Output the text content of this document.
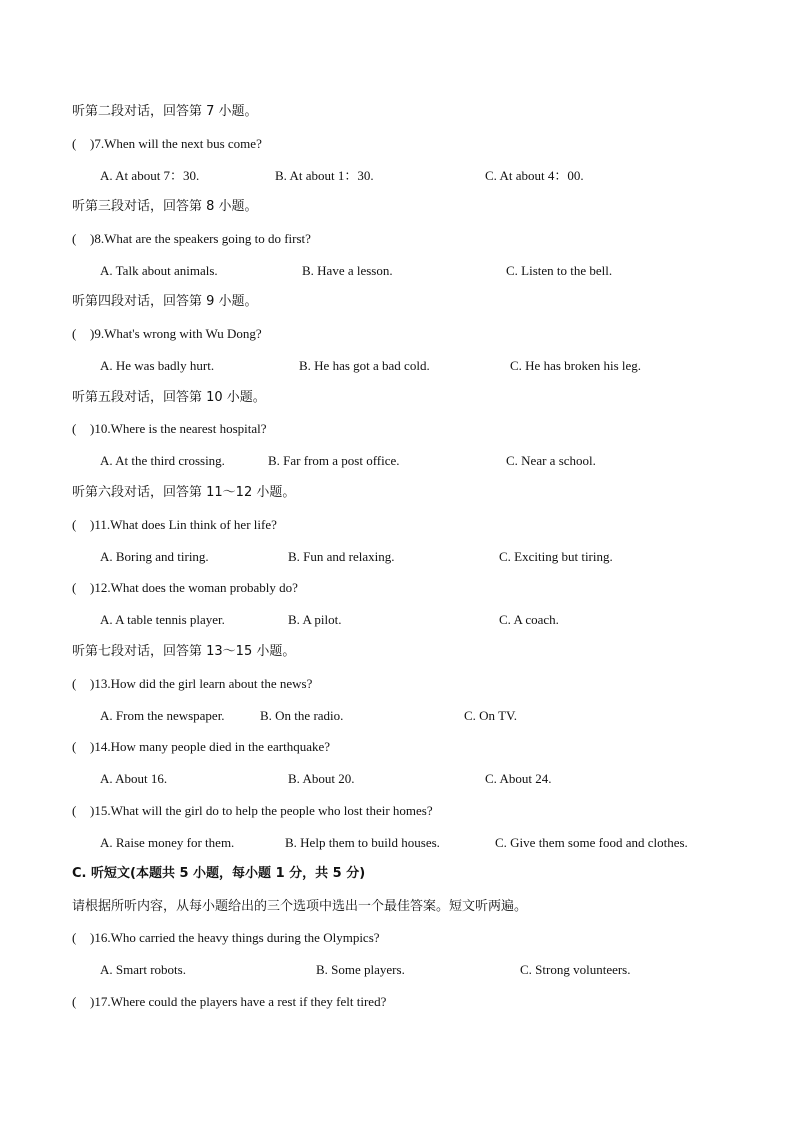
听第二段对话，回答第 7 小题。
( )7.When will the next bus come?
A. At about 7：30.	B. At about 1：30.	C. At about 4：00.
听第三段对话，回答第 8 小题。
( )8.What are the speakers going to do first?
A. Talk about animals.	B. Have a lesson.	C. Listen to the bell.
听第四段对话，回答第 9 小题。
( )9.What's wrong with Wu Dong?
A. He was badly hurt.	B. He has got a bad cold.	C. He has broken his leg.
听第五段对话，回答第 10 小题。
( )10.Where is the nearest hospital?
A. At the third crossing.	B. Far from a post office.	C. Near a school.
听第六段对话，回答第 11～12 小题。
( )11.What does Lin think of her life?
A. Boring and tiring.	B. Fun and relaxing.	C. Exciting but tiring.
( )12.What does the woman probably do?
A. A table tennis player.	B. A pilot.	C. A coach.
听第七段对话，回答第 13～15 小题。
( )13.How did the girl learn about the news?
A. From the newspaper.	B. On the radio.	C. On TV.
( )14.How many people died in the earthquake?
A. About 16.	B. About 20.	C. About 24.
( )15.What will the girl do to help the people who lost their homes?
A. Raise money for them.	B. Help them to build houses.	C. Give them some food and clothes.
C. 听短文(本题共 5 小题，每小题 1 分，共 5 分)
请根据所听内容，从每小题给出的三个选项中选出一个最佳答案。短文听两遍。
( )16.Who carried the heavy things during the Olympics?
A. Smart robots.	B. Some players.	C. Strong volunteers.
( )17.Where could the players have a rest if they felt tired?
